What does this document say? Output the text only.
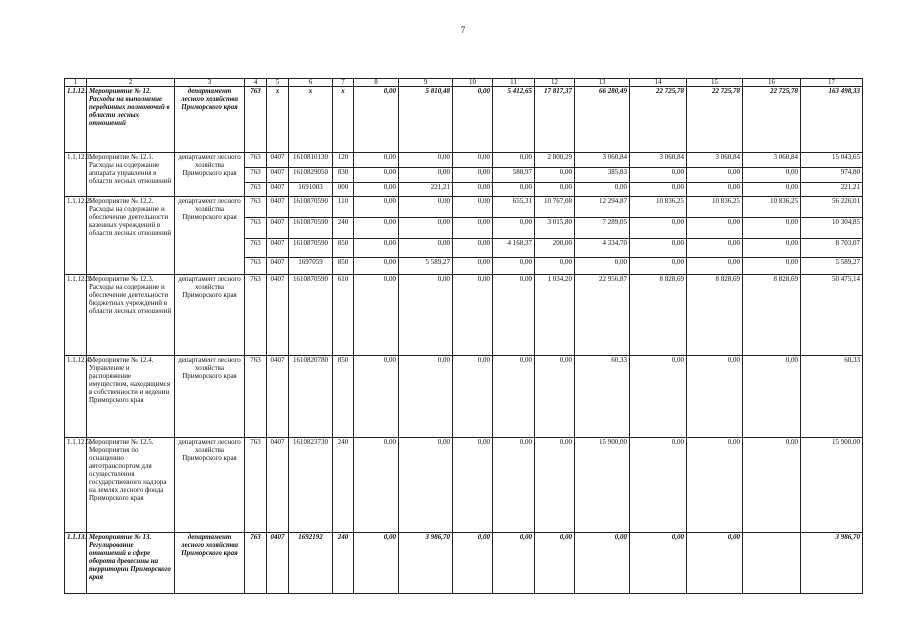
7
1	2	3	4	5	6	7	8	9	10	11	12	13	14	15	16	17
1.1.12.	Мероприятие № 12. Расходы на выполнение переданных полномочий в области лесных отношений	департамент лесного хозяйства Приморского края	763	х	х	х	0,00	5 810,48	0,00	5 412,65	17 817,37	66 280,49	22 725,78	22 725,78	22 725,78	163 498,33
1.1.12.1.	Мероприятие № 12.1. Расходы на содержание аппарата управления в области лесных отношений	департамент лесного хозяйства Приморского края	763	0407	1610810130	120	0,00	0,00	0,00	0,00	2 800,29	3 060,84	3 060,84	3 060,84	3 060,84	15 043,65
			763	0407	1610829050	830	0,00	0,00	0,00	588,97	0,00	385,83	0,00	0,00	0,00	974,80
			763	0407	1691003	000	0,00	221,21	0,00	0,00	0,00	0,00	0,00	0,00	0,00	221,21
1.1.12.2.	Мероприятие № 12.2. Расходы на содержание и обеспечение деятельности казенных учреждений в области лесных отношений	департамент лесного хозяйства Приморского края	763	0407	1610870590	110	0,00	0,00	0,00	655,31	10 767,08	12 294,87	10 836,25	10 836,25	10 836,25	56 226,01
			763	0407	1610870590	240	0,00	0,00	0,00	0,00	3 015,80	7 289,05	0,00	0,00	0,00	10 304,85
			763	0407	1610870590	850	0,00	0,00	0,00	4 168,37	200,00	4 334,70	0,00	0,00	0,00	8 703,07
			763	0407	1697059	850	0,00	5 589,27	0,00	0,00	0,00	0,00	0,00	0,00	0,00	5 589,27
1.1.12.3.	Мероприятие № 12.3. Расходы на содержание и обеспечение деятельности бюджетных учреждений в области лесных отношений	департамент лесного хозяйства Приморского края	763	0407	1610870590	610	0,00	0,00	0,00	0,00	1 034,20	22 956,87	8 828,69	8 828,69	8 828,69	50 475,14
1.1.12.4.	Мероприятие № 12.4. Управление и распоряжение имуществом, находящимся в собственности и ведении Приморского края	департамент лесного хозяйства Приморского края	763	0407	1610820780	850	0,00	0,00	0,00	0,00	0,00	60,33	0,00	0,00	0,00	60,33
1.1.12.5.	Мероприятие № 12.5. Мероприятия по оснащению автотранспортом для осуществления государственного надзора на землях лесного фонда Приморского края	департамент лесного хозяйства Приморского края	763	0407	1610823730	240	0,00	0,00	0,00	0,00	0,00	15 900,00	0,00	0,00	0,00	15 900,00
1.1.13.	Мероприятие № 13. Регулирование отношений в сфере оборота древесины на территории Приморского края	департамент лесного хозяйства Приморского края	763	0407	1692192	240	0,00	3 986,70	0,00	0,00	0,00	0,00	0,00	0,00		3 986,70
